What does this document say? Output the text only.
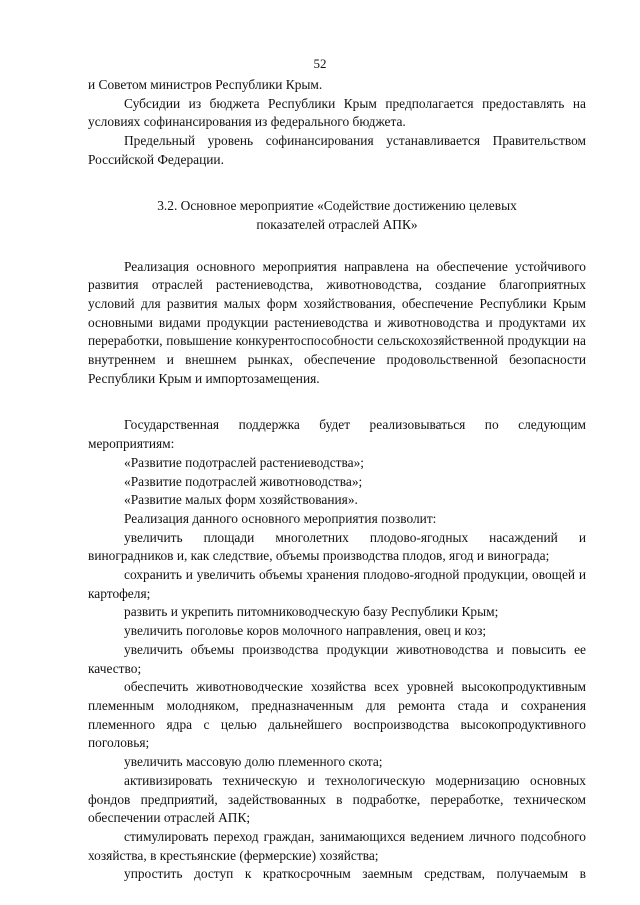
52

и Советом министров Республики Крым.

Субсидии из бюджета Республики Крым предполагается предоставлять на условиях софинансирования из федерального бюджета.

Предельный уровень софинансирования устанавливается Правительством Российской Федерации.

3.2. Основное мероприятие «Содействие достижению целевых
показателей отраслей АПК»

Реализация основного мероприятия направлена на обеспечение устойчивого развития отраслей растениеводства, животноводства, создание благоприятных условий для развития малых форм хозяйствования, обеспечение Республики Крым основными видами продукции растениеводства и животноводства и продуктами их переработки, повышение конкурентоспособности сельскохозяйственной продукции на внутреннем и внешнем рынках, обеспечение продовольственной безопасности Республики Крым и импортозамещения.

Государственная поддержка будет реализовываться по следующим мероприятиям:

«Развитие подотраслей растениеводства»;

«Развитие подотраслей животноводства»;

«Развитие малых форм хозяйствования».

Реализация данного основного мероприятия позволит:

увеличить площади многолетних плодово-ягодных насаждений и виноградников и, как следствие, объемы производства плодов, ягод и винограда;

сохранить и увеличить объемы хранения плодово-ягодной продукции, овощей и картофеля;

развить и укрепить питомниководческую базу Республики Крым;

увеличить поголовье коров молочного направления, овец и коз;

увеличить объемы производства продукции животноводства и повысить ее качество;

обеспечить животноводческие хозяйства всех уровней высокопродуктивным племенным молодняком, предназначенным для ремонта стада и сохранения племенного ядра с целью дальнейшего воспроизводства высокопродуктивного поголовья;

увеличить массовую долю племенного скота;

активизировать техническую и технологическую модернизацию основных фондов предприятий, задействованных в подработке, переработке, техническом обеспечении отраслей АПК;

стимулировать переход граждан, занимающихся ведением личного подсобного хозяйства, в крестьянские (фермерские) хозяйства;

упростить доступ к краткосрочным заемным средствам, получаемым в
